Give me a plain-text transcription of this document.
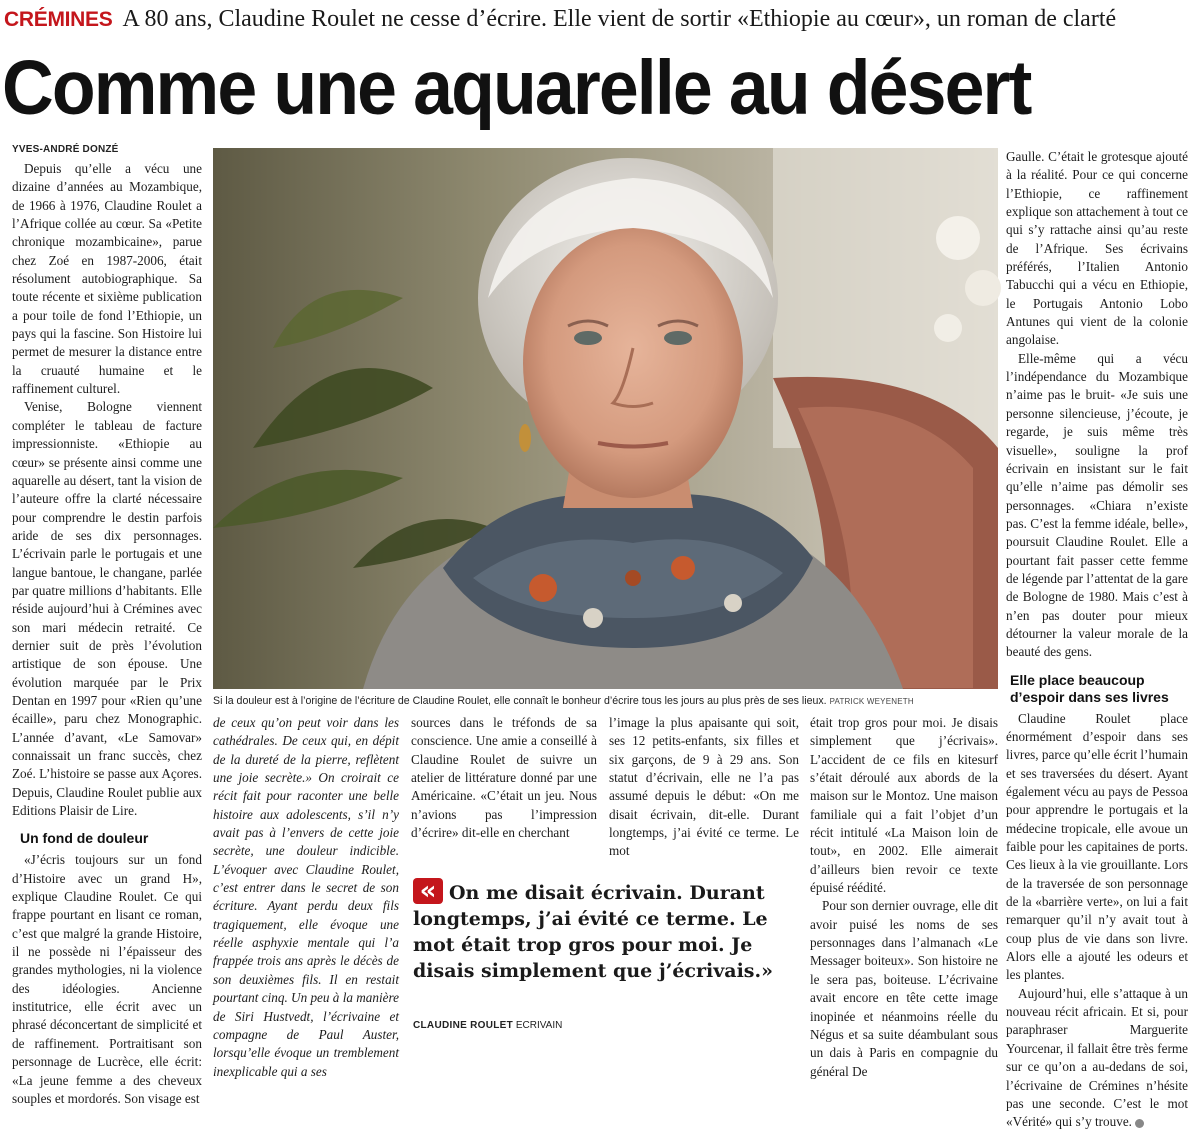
CRÉMINES A 80 ans, Claudine Roulet ne cesse d’écrire. Elle vient de sortir «Ethiopie au cœur», un roman de clarté
Comme une aquarelle au désert
YVES-ANDRÉ DONZÉ

Depuis qu’elle a vécu une dizaine d’années au Mozambique, de 1966 à 1976, Claudine Roulet a l’Afrique collée au cœur. Sa «Petite chronique mozambicaine», parue chez Zoé en 1987-2006, était résolument autobiographique. Sa toute récente et sixième publication a pour toile de fond l’Ethiopie, un pays qui la fascine. Son Histoire lui permet de mesurer la distance entre la cruauté humaine et le raffinement culturel.

Venise, Bologne viennent compléter le tableau de facture impressionniste. «Ethiopie au cœur» se présente ainsi comme une aquarelle au désert, tant la vision de l’auteure offre la clarté nécessaire pour comprendre le destin parfois aride de ses dix personnages. L’écrivain parle le portugais et une langue bantoue, le changane, parlée par quatre millions d’habitants. Elle réside aujourd’hui à Crémines avec son mari médecin retraité. Ce dernier suit de près l’évolution artistique de son épouse. Une évolution marquée par le Prix Dentan en 1997 pour «Rien qu’une écaille», paru chez Monographic. L’année d’avant, «Le Samovar» connaissait un franc succès, chez Zoé. L’histoire se passe aux Açores. Depuis, Claudine Roulet publie aux Editions Plaisir de Lire.

Un fond de douleur

«J’écris toujours sur un fond d’Histoire avec un grand H», explique Claudine Roulet. Ce qui frappe pourtant en lisant ce roman, c’est que malgré la grande Histoire, il ne possède ni l’épaisseur des grandes mythologies, ni la violence des idéologies. Ancienne institutrice, elle écrit avec un phrasé déconcertant de simplicité et de raffinement. Portraitisant son personnage de Lucrèce, elle écrit: «La jeune femme a des cheveux souples et mordorés. Son visage est

Si la douleur est à l’origine de l’écriture de Claudine Roulet, elle connaît le bonheur d’écrire tous les jours au plus près de ses lieux. PATRICK WEYENETH

de ceux qu’on peut voir dans les cathédrales. De ceux qui, en dépit de la dureté de la pierre, reflètent une joie secrète.» On croirait ce récit fait pour raconter une belle histoire aux adolescents, s’il n’y avait pas à l’envers de cette joie secrète, une douleur indicible. L’évoquer avec Claudine Roulet, c’est entrer dans le secret de son écriture. Ayant perdu deux fils tragiquement, elle évoque une réelle asphyxie mentale qui l’a frappée trois ans après le décès de son deuxièmes fils. Il en restait pourtant cinq. Un peu à la manière de Siri Hustvedt, l’écrivaine et compagne de Paul Auster, lorsqu’elle évoque un tremblement inexplicable qui a ses

sources dans le tréfonds de sa conscience. Une amie a conseillé à Claudine Roulet de suivre un atelier de littérature donné par une Américaine. «C’était un jeu. Nous n’avions pas l’impression d’écrire» dit-elle en cherchant

l’image la plus apaisante qui soit, ses 12 petits-enfants, six filles et six garçons, de 9 à 29 ans. Son statut d’écrivain, elle ne l’a pas assumé depuis le début: «On me disait écrivain, dit-elle. Durant longtemps, j’ai évité ce terme. Le mot

« On me disait écrivain. Durant longtemps, j’ai évité ce terme. Le mot était trop gros pour moi. Je disais simplement que j’écrivais.»
CLAUDINE ROULET ECRIVAIN

était trop gros pour moi. Je disais simplement que j’écrivais». L’accident de ce fils en kitesurf s’était déroulé aux abords de la maison sur le Montoz. Une maison familiale qui a fait l’objet d’un récit intitulé «La Maison loin de tout», en 2002. Elle aimerait d’ailleurs bien revoir ce texte épuisé réédité.

Pour son dernier ouvrage, elle dit avoir puisé les noms de ses personnages dans l’almanach «Le Messager boiteux». Son histoire ne le sera pas, boiteuse. L’écrivaine avait encore en tête cette image inopinée et néanmoins réelle du Négus et sa suite déambulant sous un dais à Paris en compagnie du général De

Gaulle. C’était le grotesque ajouté à la réalité. Pour ce qui concerne l’Ethiopie, ce raffinement explique son attachement à tout ce qui s’y rattache ainsi qu’au reste de l’Afrique. Ses écrivains préférés, l’Italien Antonio Tabucchi qui a vécu en Ethiopie, le Portugais Antonio Lobo Antunes qui vient de la colonie angolaise.

Elle-même qui a vécu l’indépendance du Mozambique n’aime pas le bruit- «Je suis une personne silencieuse, j’écoute, je regarde, je suis même très visuelle», souligne la prof écrivain en insistant sur le fait qu’elle n’aime pas démolir ses personnages. «Chiara n’existe pas. C’est la femme idéale, belle», poursuit Claudine Roulet. Elle a pourtant fait passer cette femme de légende par l’attentat de la gare de Bologne de 1980. Mais c’est à n’en pas douter pour mieux détourner la valeur morale de la beauté des gens.

Elle place beaucoup d’espoir dans ses livres

Claudine Roulet place énormément d’espoir dans ses livres, parce qu’elle écrit l’humain et ses traversées du désert. Ayant également vécu au pays de Pessoa pour apprendre le portugais et la médecine tropicale, elle avoue un faible pour les capitaines de ports. Ces lieux à la vie grouillante. Lors de la traversée de son personnage de la «barrière verte», on lui a fait remarquer qu’il n’y avait tout à coup plus de vie dans son livre. Alors elle a ajouté les odeurs et les plantes.

Aujourd’hui, elle s’attaque à un nouveau récit africain. Et si, pour paraphraser Marguerite Yourcenar, il fallait être très ferme sur ce qu’on a au-dedans de soi, l’écrivaine de Crémines n’hésite pas une seconde. C’est le mot «Vérité» qui s’y trouve.
